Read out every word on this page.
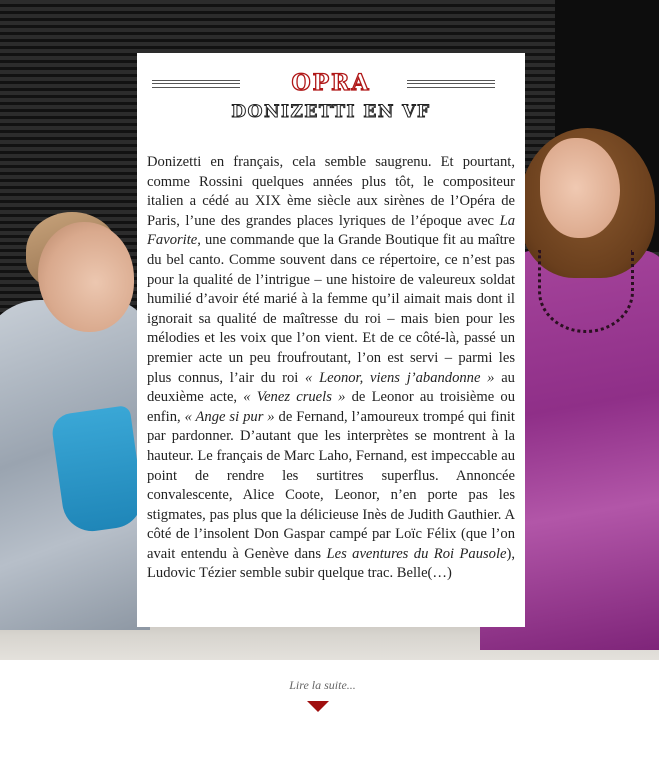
OPRA
DONIZETTI EN VF

Donizetti en français, cela semble saugrenu. Et pourtant, comme Rossini quelques années plus tôt, le compositeur italien a cédé au XIX ème siècle aux sirènes de l’Opéra de Paris, l’une des grandes places lyriques de l’époque avec La Favorite, une commande que la Grande Boutique fit au maître du bel canto. Comme souvent dans ce répertoire, ce n’est pas pour la qualité de l’intrigue – une histoire de valeureux soldat humilié d’avoir été marié à la femme qu’il aimait mais dont il ignorait sa qualité de maîtresse du roi – mais bien pour les mélodies et les voix que l’on vient. Et de ce côté-là, passé un premier acte un peu froufroutant, l’on est servi – parmi les plus connus, l’air du roi « Leonor, viens j’abandonne » au deuxième acte, « Venez cruels » de Leonor au troisième ou enfin, « Ange si pur » de Fernand, l’amoureux trompé qui finit par pardonner. D’autant que les interprètes se montrent à la hauteur. Le français de Marc Laho, Fernand, est impeccable au point de rendre les surtitres superflus. Annoncée convalescente, Alice Coote, Leonor, n’en porte pas les stigmates, pas plus que la délicieuse Inès de Judith Gauthier. A côté de l’insolent Don Gaspar campé par Loïc Félix (que l’on avait entendu à Genève dans Les aventures du Roi Pausole), Ludovic Tézier semble subir quelque trac. Belle(…)

Lire la suite...
